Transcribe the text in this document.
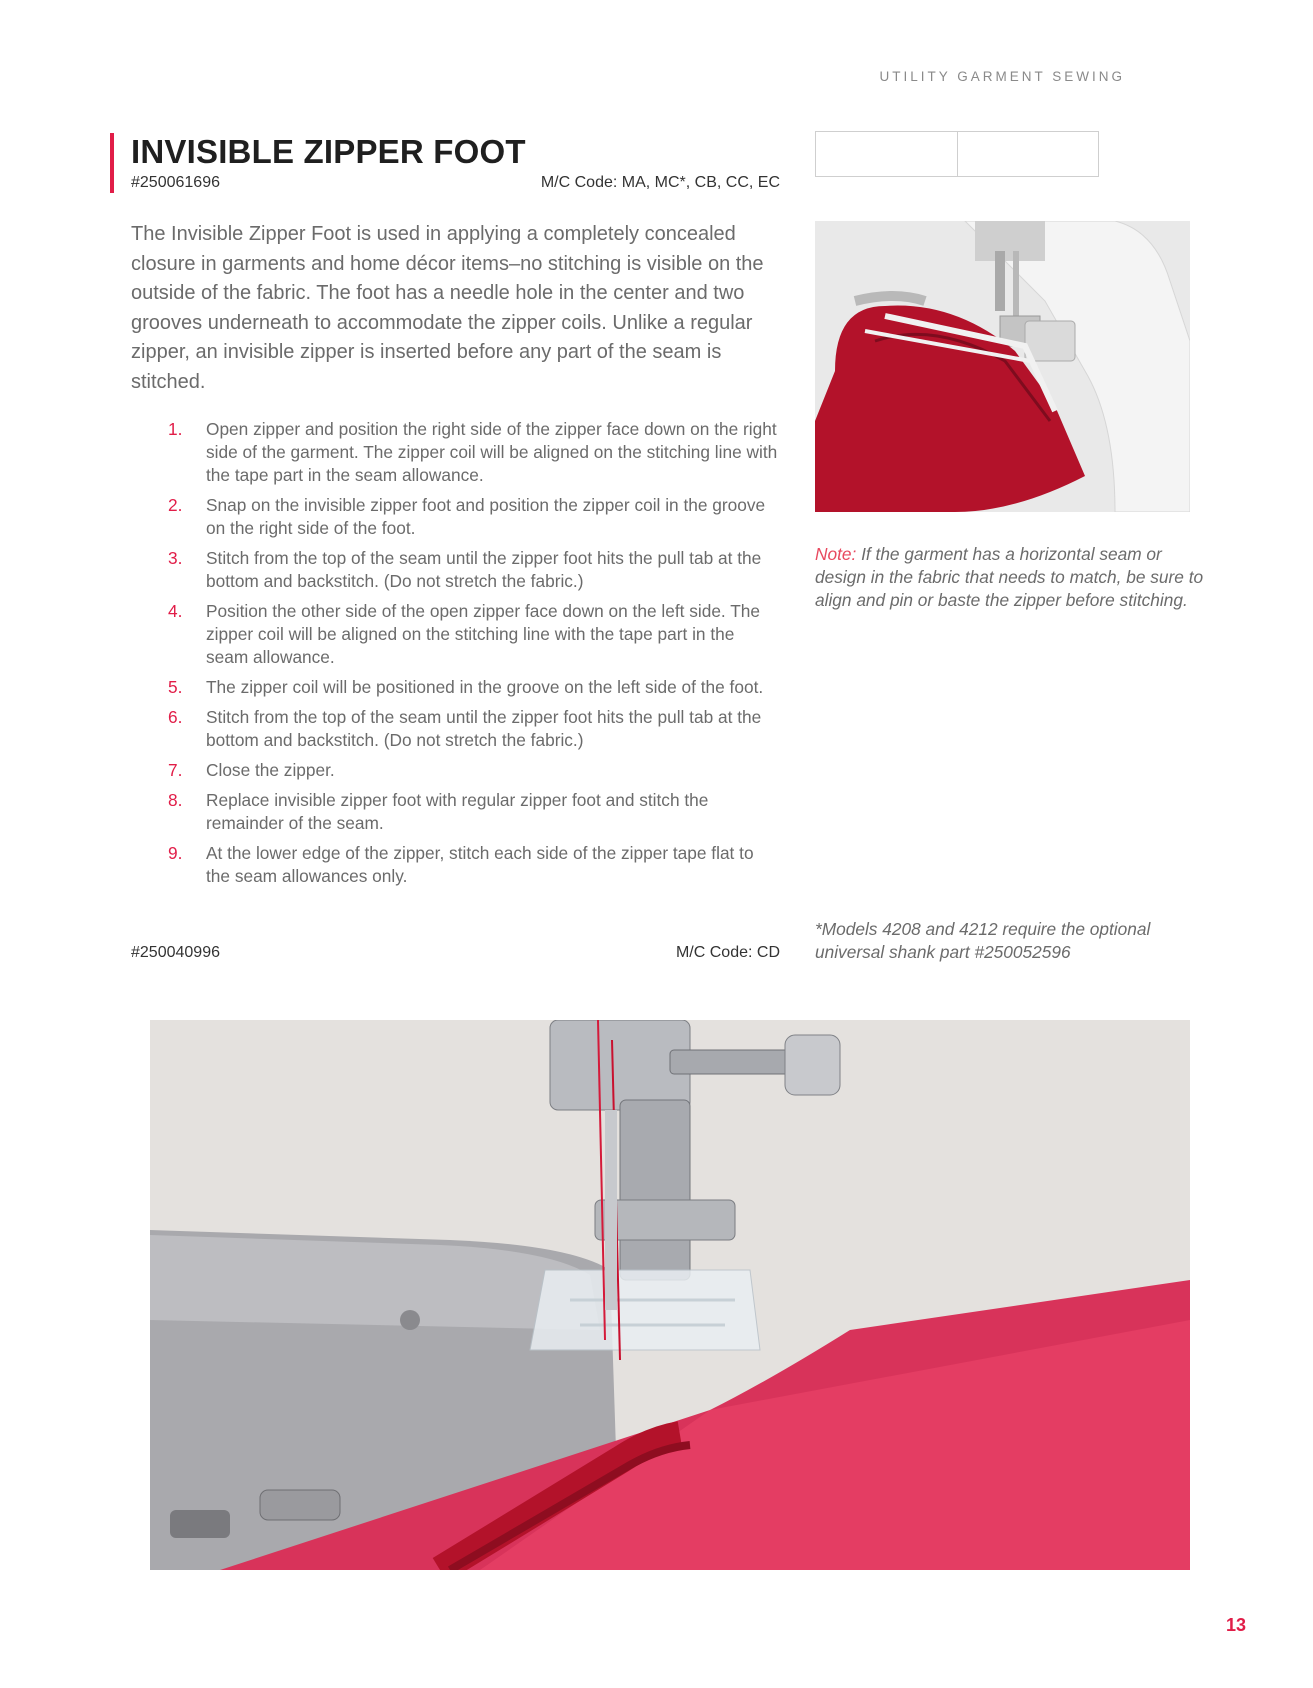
UTILITY GARMENT SEWING
INVISIBLE ZIPPER FOOT
#250061696	M/C Code: MA, MC*, CB, CC, EC

The Invisible Zipper Foot is used in applying a completely concealed closure in garments and home décor items–no stitching is visible on the outside of the fabric. The foot has a needle hole in the center and two grooves underneath to accommodate the zipper coils. Unlike a regular zipper, an invisible zipper is inserted before any part of the seam is stitched.

1.	Open zipper and position the right side of the zipper face down on the right side of the garment. The zipper coil will be aligned on the stitching line with the tape part in the seam allowance.
2.	Snap on the invisible zipper foot and position the zipper coil in the groove on the right side of the foot.
3.	Stitch from the top of the seam until the zipper foot hits the pull tab at the bottom and backstitch. (Do not stretch the fabric.)
4.	Position the other side of the open zipper face down on the left side. The zipper coil will be aligned on the stitching line with the tape part in the seam allowance.
5.	The zipper coil will be positioned in the groove on the left side of the foot.
6.	Stitch from the top of the seam until the zipper foot hits the pull tab at the bottom and backstitch. (Do not stretch the fabric.)
7.	Close the zipper.
8.	Replace invisible zipper foot with regular zipper foot and stitch the remainder of the seam.
9.	At the lower edge of the zipper, stitch each side of the zipper tape flat to the seam allowances only.
#250040996	M/C Code: CD

Note: If the garment has a horizontal seam or design in the fabric that needs to match, be sure to align and pin or baste the zipper before stitching.

*Models 4208 and 4212 require the optional universal shank part #250052596

13
